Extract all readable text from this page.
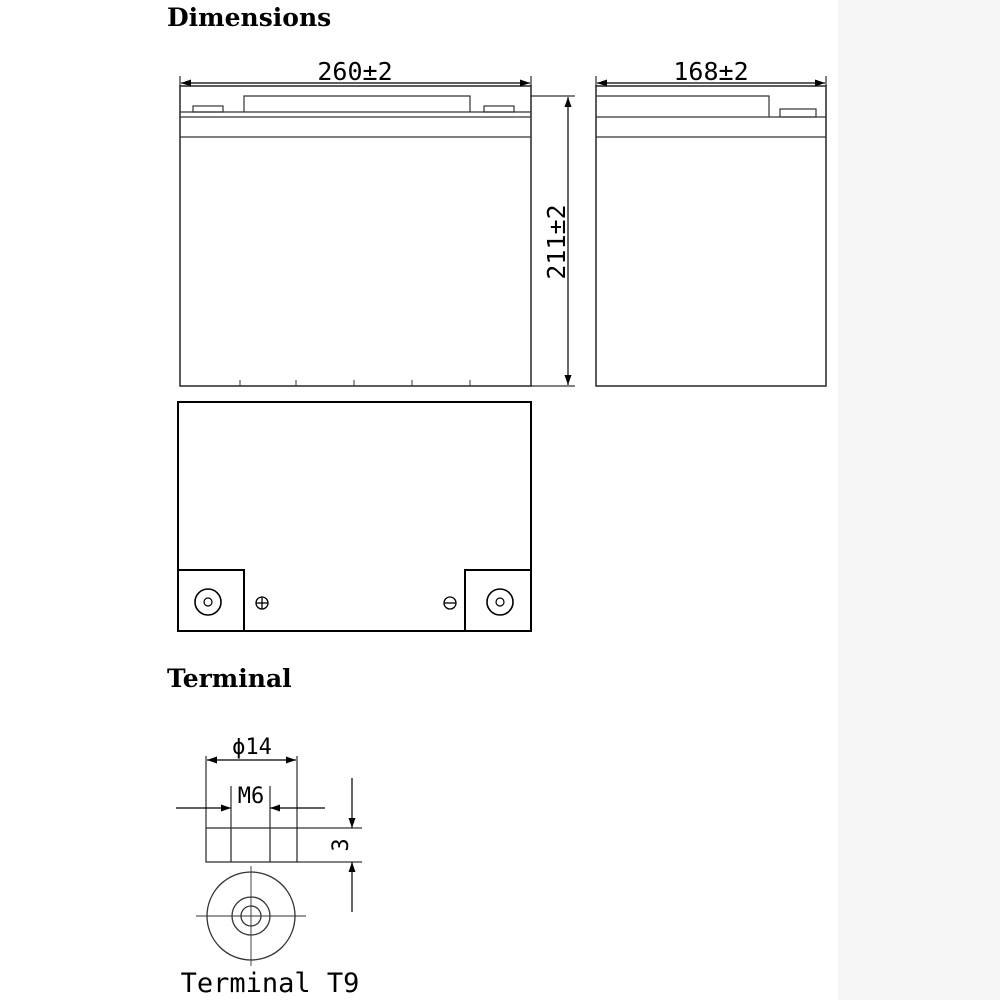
Dimensions
Terminal
260±2
211±2
168±2
ϕ14
M6
3
Terminal T9
